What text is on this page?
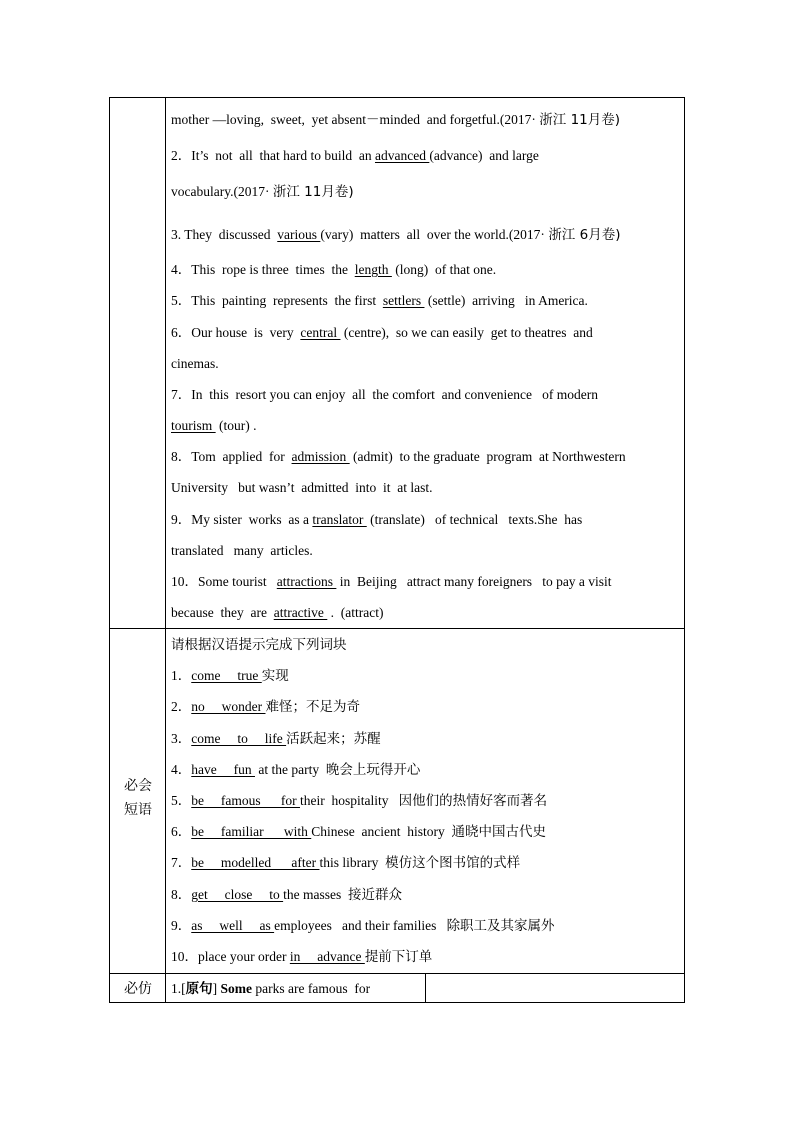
mother —loving,  sweet,  yet absent－minded  and forgetful.(2017· 浙江 11月卷)
2．It’s  not  all  that hard to build  an advanced (advance)  and large
vocabulary.(2017· 浙江 11月卷)
3. They  discussed  various (vary)  matters  all  over the world.(2017· 浙江 6月卷)
4．This  rope is three  times  the  length  (long)  of that one.
5．This  painting  represents  the first  settlers  (settle)  arriving   in America.
6．Our house  is  very  central  (centre),  so we can easily  get to theatres  and
cinemas.
7．In  this  resort you can enjoy  all  the comfort  and convenience   of modern
tourism  (tour) .
8．Tom  applied  for  admission  (admit)  to the graduate  program  at Northwestern
University   but wasn’t  admitted  into  it  at last.
9．My sister  works  as a translator  (translate)   of technical   texts.She  has
translated   many  articles.
10．Some tourist   attractions  in  Beijing   attract many foreigners   to pay a visit
because  they  are  attractive  .  (attract)
必会
短语
请根据汉语提示完成下列词块
1．come     true 实现
2．no     wonder 难怪；不足为奇
3．come     to     life 活跃起来；苏醒
4．have     fun  at the party  晚会上玩得开心
5．be     famous      for their  hospitality   因他们的热情好客而著名
6．be     familiar      with Chinese  ancient  history  通晓中国古代史
7．be     modelled      after this library  模仿这个图书馆的式样
8．get     close     to the masses  接近群众
9．as     well     as employees   and their families   除职工及其家属外
10．place your order in     advance 提前下订单
必仿	1.[原句] Some parks are famous  for
